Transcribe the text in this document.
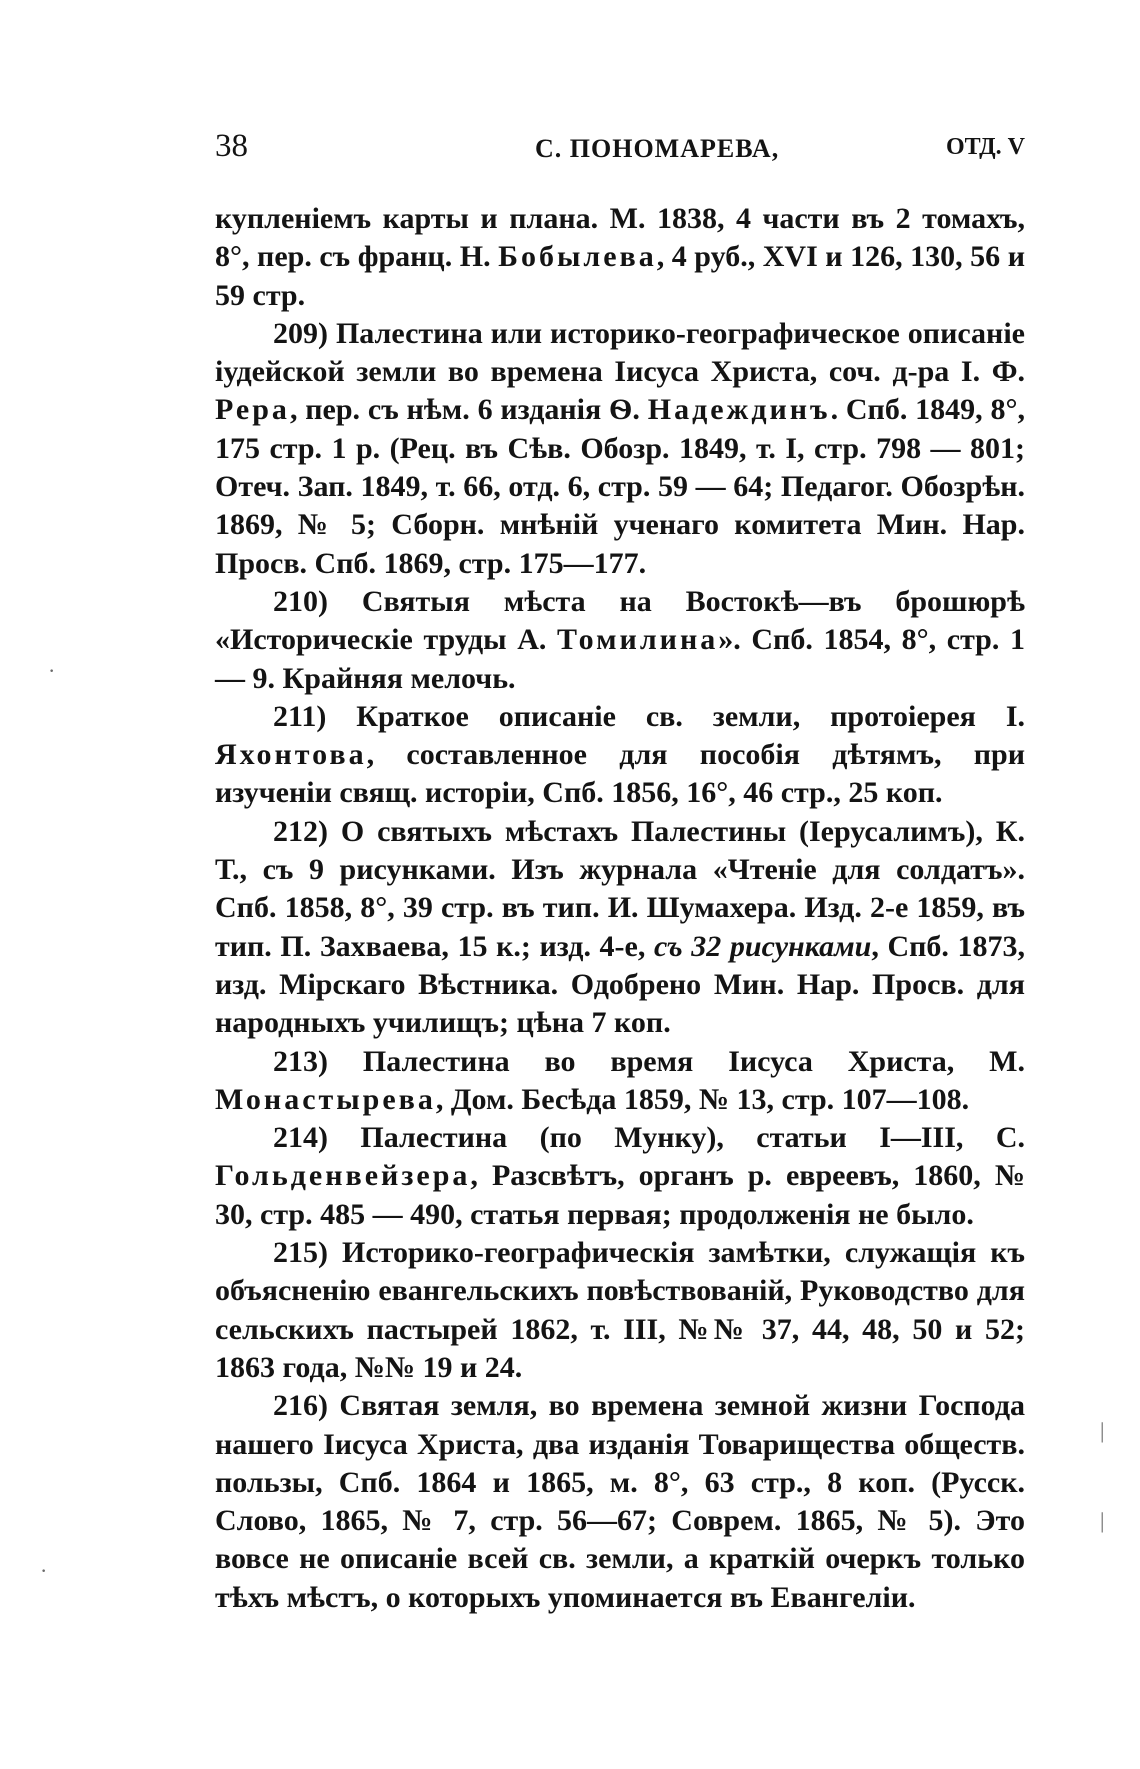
38	С. ПОНОМАРЕВА,	ОТД. V

купленіемъ карты и плана. М. 1838, 4 части въ 2 томахъ, 8°, пер. съ франц. Н. Бобылева, 4 руб., XVI и 126, 130, 56 и 59 стр.

209) Палестина или историко-географическое описаніе іудейской земли во времена Іисуса Христа, соч. д-ра І. Ф. Рера, пер. съ нѣм. 6 изданія Ѳ. Надеждинъ. Спб. 1849, 8°, 175 стр. 1 р. (Рец. въ Сѣв. Обозр. 1849, т. I, стр. 798 — 801; Отеч. Зап. 1849, т. 66, отд. 6, стр. 59 — 64; Педагог. Обозрѣн. 1869, № 5; Сборн. мнѣній ученаго комитета Мин. Нар. Просв. Спб. 1869, стр. 175—177.

210) Святыя мѣста на Востокѣ—въ брошюрѣ «Историческіе труды А. Томилина». Спб. 1854, 8°, стр. 1 — 9. Крайняя мелочь.

211) Краткое описаніе св. земли, протоіерея І. Яхонтова, составленное для пособія дѣтямъ, при изученіи свящ. исторіи, Спб. 1856, 16°, 46 стр., 25 коп.

212) О святыхъ мѣстахъ Палестины (Іерусалимъ), К. Т., съ 9 рисунками. Изъ журнала «Чтеніе для солдатъ». Спб. 1858, 8°, 39 стр. въ тип. И. Шумахера. Изд. 2-е 1859, въ тип. П. Захваева, 15 к.; изд. 4-е, съ 32 рисунками, Спб. 1873, изд. Мірскаго Вѣстника. Одобрено Мин. Нар. Просв. для народныхъ училищъ; цѣна 7 коп.

213) Палестина во время Іисуса Христа, М. Монастырева, Дом. Бесѣда 1859, № 13, стр. 107—108.

214) Палестина (по Мунку), статьи I—III, С. Гольденвейзера, Разсвѣтъ, органъ р. евреевъ, 1860, № 30, стр. 485 — 490, статья первая; продолженія не было.

215) Историко-географическія замѣтки, служащія къ объясненію евангельскихъ повѣствованій, Руководство для сельскихъ пастырей 1862, т. III, №№ 37, 44, 48, 50 и 52; 1863 года, №№ 19 и 24.

216) Святая земля, во времена земной жизни Господа нашего Іисуса Христа, два изданія Товарищества обществ. пользы, Спб. 1864 и 1865, м. 8°, 63 стр., 8 коп. (Русск. Слово, 1865, № 7, стр. 56—67; Соврем. 1865, № 5). Это вовсе не описаніе всей св. земли, а краткій очеркъ только тѣхъ мѣстъ, о которыхъ упоминается въ Евангеліи.

·
·
|
|
